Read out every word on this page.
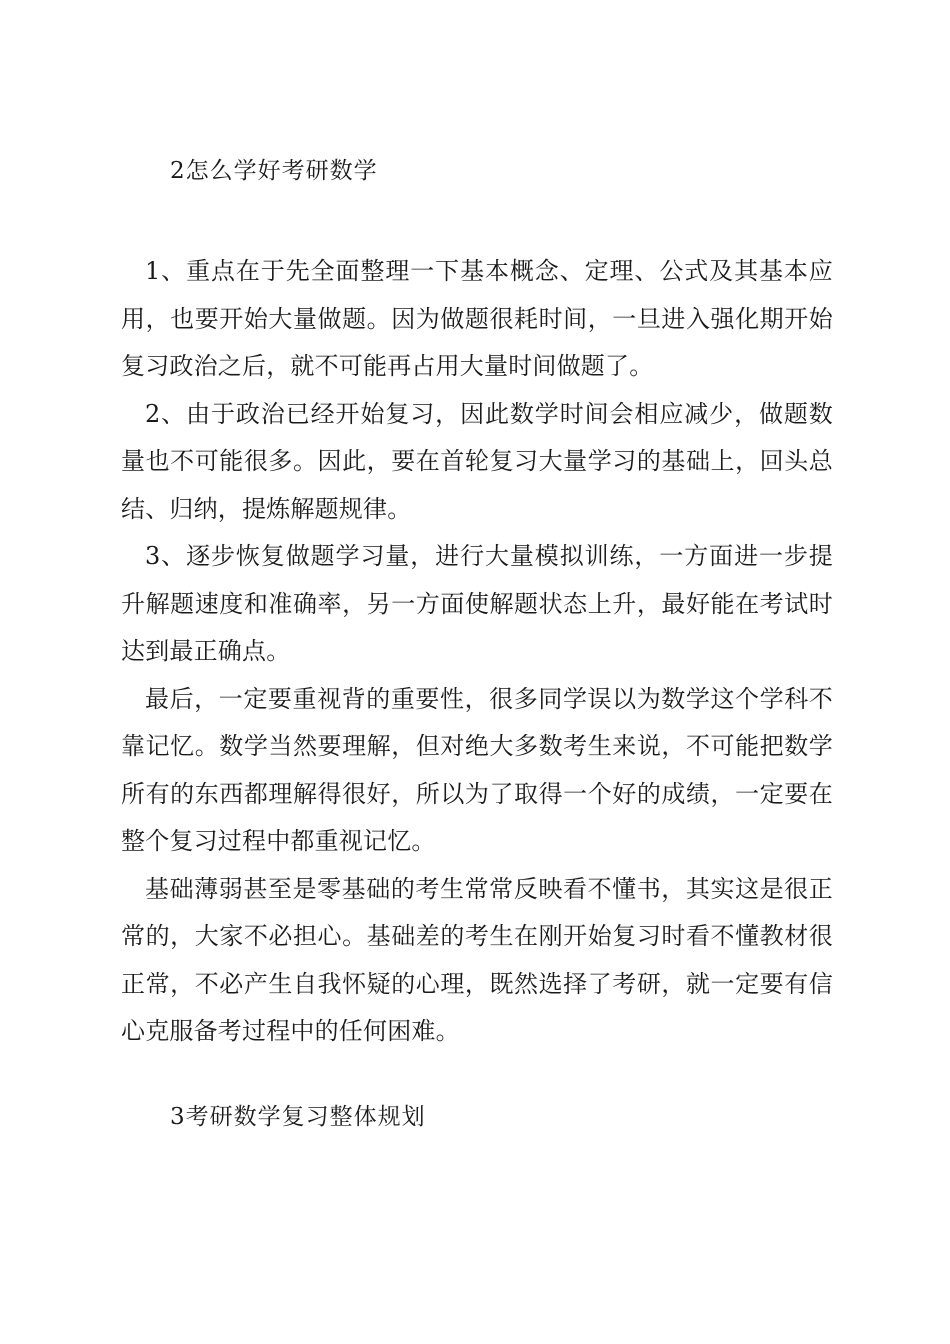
2怎么学好考研数学

1、重点在于先全面整理一下基本概念、定理、公式及其基本应用，也要开始大量做题。因为做题很耗时间，一旦进入强化期开始复习政治之后，就不可能再占用大量时间做题了。

2、由于政治已经开始复习，因此数学时间会相应减少，做题数量也不可能很多。因此，要在首轮复习大量学习的基础上，回头总结、归纳，提炼解题规律。

3、逐步恢复做题学习量，进行大量模拟训练，一方面进一步提升解题速度和准确率，另一方面使解题状态上升，最好能在考试时达到最正确点。

最后，一定要重视背的重要性，很多同学误以为数学这个学科不靠记忆。数学当然要理解，但对绝大多数考生来说，不可能把数学所有的东西都理解得很好，所以为了取得一个好的成绩，一定要在整个复习过程中都重视记忆。

基础薄弱甚至是零基础的考生常常反映看不懂书，其实这是很正常的，大家不必担心。基础差的考生在刚开始复习时看不懂教材很正常，不必产生自我怀疑的心理，既然选择了考研，就一定要有信心克服备考过程中的任何困难。

3考研数学复习整体规划
